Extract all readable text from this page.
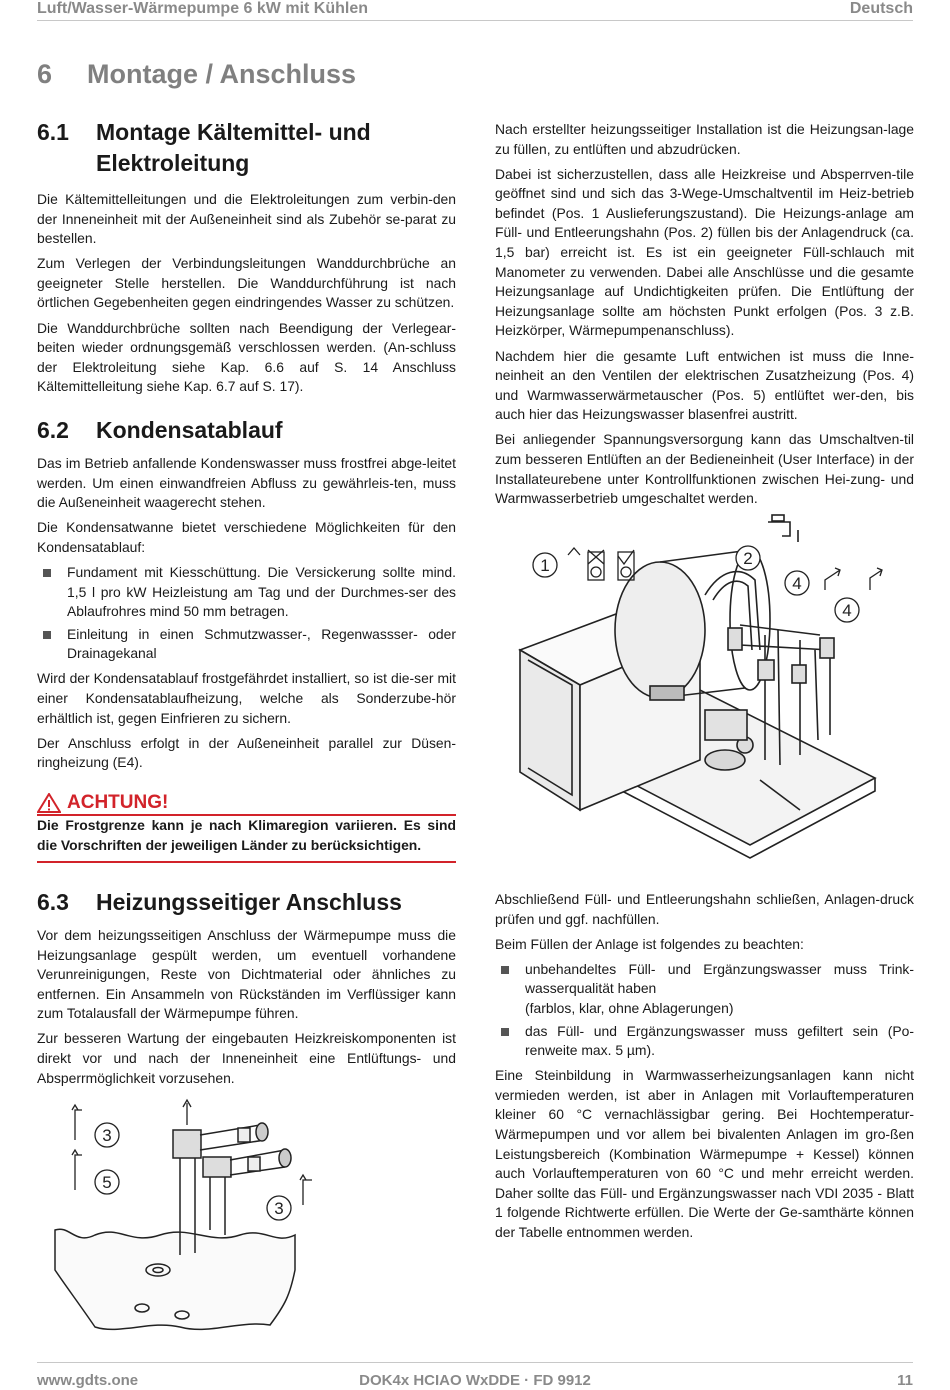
Luft/Wasser-Wärmepumpe 6 kW mit Kühlen	Deutsch
6 Montage / Anschluss
6.1	Montage Kältemittel- und
Elektroleitung

Die Kältemittelleitungen und die Elektroleitungen zum verbin-den der Inneneinheit mit der Außeneinheit sind als Zubehör se-parat zu bestellen.

Zum Verlegen der Verbindungsleitungen Wanddurchbrüche an geeigneter Stelle herstellen. Die Wanddurchführung ist nach örtlichen Gegebenheiten gegen eindringendes Wasser zu schützen.

Die Wanddurchbrüche sollten nach Beendigung der Verlegear-beiten wieder ordnungsgemäß verschlossen werden. (An-schluss der Elektroleitung siehe Kap. 6.6 auf S. 14 Anschluss Kältemittelleitung siehe Kap. 6.7 auf S. 17).

6.2	Kondensatablauf

Das im Betrieb anfallende Kondenswasser muss frostfrei abge-leitet werden. Um einen einwandfreien Abfluss zu gewährleis-ten, muss die Außeneinheit waagerecht stehen.

Die Kondensatwanne bietet verschiedene Möglichkeiten für den Kondensatablauf:

Fundament mit Kiesschüttung. Die Versickerung sollte mind. 1,5 l pro kW Heizleistung am Tag und der Durchmes-ser des Ablaufrohres mind 50 mm betragen.
Einleitung in einen Schmutzwasser-, Regenwassser- oder Drainagekanal

Wird der Kondensatablauf frostgefährdet installiert, so ist die-ser mit einer Kondensatablaufheizung, welche als Sonderzube-hör erhältlich ist, gegen Einfrieren zu sichern.

Der Anschluss erfolgt in der Außeneinheit parallel zur Düsen-ringheizung (E4).

ACHTUNG!

Die Frostgrenze kann je nach Klimaregion variieren. Es sind die Vorschriften der jeweiligen Länder zu berücksichtigen.

6.3	Heizungsseitiger Anschluss

Vor dem heizungsseitigen Anschluss der Wärmepumpe muss die Heizungsanlage gespült werden, um eventuell vorhandene Verunreinigungen, Reste von Dichtmaterial oder ähnliches zu entfernen. Ein Ansammeln von Rückständen im Verflüssiger kann zum Totalausfall der Wärmepumpe führen.

Zur besseren Wartung der eingebauten Heizkreiskomponenten ist direkt vor und nach der Inneneinheit eine Entlüftungs- und Absperrmöglichkeit vorzusehen.

Nach erstellter heizungsseitiger Installation ist die Heizungsan-lage zu füllen, zu entlüften und abzudrücken.

Dabei ist sicherzustellen, dass alle Heizkreise und Absperrven-tile geöffnet sind und sich das 3-Wege-Umschaltventil im Heiz-betrieb befindet (Pos. 1 Auslieferungszustand). Die Heizungs-anlage am Füll- und Entleerungshahn (Pos. 2) füllen bis der Anlagendruck (ca. 1,5 bar) erreicht ist. Es ist ein geeigneter Füll-schlauch mit Manometer zu verwenden. Dabei alle Anschlüsse und die gesamte Heizungsanlage auf Undichtigkeiten prüfen. Die Entlüftung der Heizungsanlage sollte am höchsten Punkt erfolgen (Pos. 3 z.B. Heizkörper, Wärmepumpenanschluss).

Nachdem hier die gesamte Luft entwichen ist muss die Inne-neinheit an den Ventilen der elektrischen Zusatzheizung (Pos. 4) und Warmwasserwärmetauscher (Pos. 5) entlüftet wer-den, bis auch hier das Heizungswasser blasenfrei austritt.

Bei anliegender Spannungsversorgung kann das Umschaltven-til zum besseren Entlüften an der Bedieneinheit (User Interface) in der Installateurebene unter Kontrollfunktionen zwischen Hei-zung- und Warmwasserbetrieb umgeschaltet werden.

1	2
4
4

Abschließend Füll- und Entleerungshahn schließen, Anlagen-druck prüfen und ggf. nachfüllen.

Beim Füllen der Anlage ist folgendes zu beachten:

unbehandeltes Füll- und Ergänzungswasser muss Trink-wasserqualität haben
(farblos, klar, ohne Ablagerungen)
das Füll- und Ergänzungswasser muss gefiltert sein (Po-renweite max. 5 µm).

Eine Steinbildung in Warmwasserheizungsanlagen kann nicht vermieden werden, ist aber in Anlagen mit Vorlauftemperaturen kleiner 60 °C vernachlässigbar gering. Bei Hochtemperatur-Wärmepumpen und vor allem bei bivalenten Anlagen im gro-ßen Leistungsbereich (Kombination Wärmepumpe + Kessel) können auch Vorlauftemperaturen von 60 °C und mehr erreicht werden. Daher sollte das Füll- und Ergänzungswasser nach VDI 2035 - Blatt 1 folgende Richtwerte erfüllen. Die Werte der Ge-samthärte können der Tabelle entnommen werden.

3
5
3
www.gdts.one	DOK4x HCIAO WxDDE · FD 9912	11
